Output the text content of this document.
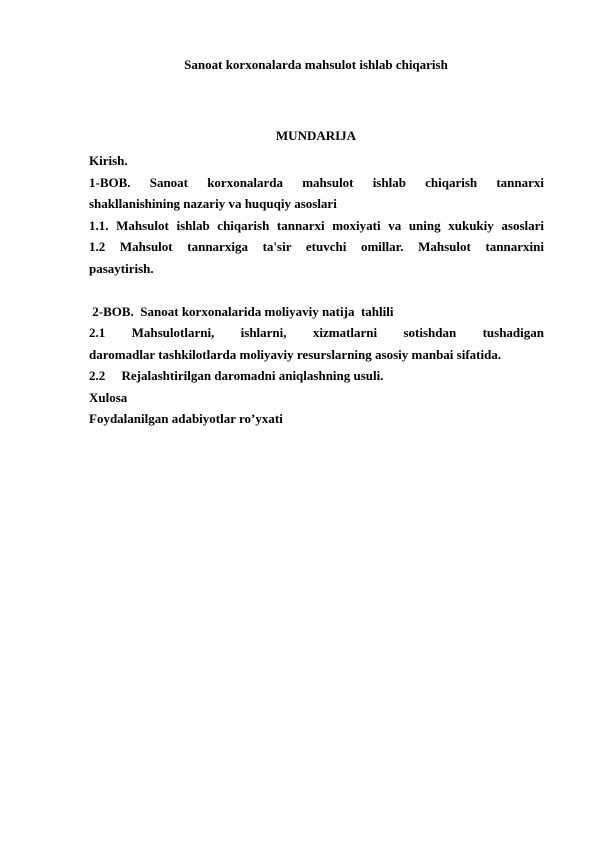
Sanoat korxonalarda mahsulot ishlab chiqarish
MUNDARIJA
Kirish.
1-BOB. Sanoat korxonalarda mahsulot ishlab chiqarish tannarxi
shakllanishining nazariy va huquqiy asoslari
1.1. Mahsulot ishlab chiqarish tannarxi moxiyati va uning xukukiy asoslari
1.2 Mahsulot tannarxiga ta'sir etuvchi omillar. Mahsulot tannarxini
pasaytirish.
2-BOB.  Sanoat korxonalarida moliyaviy natija  tahlili
2.1 Mahsulotlarni, ishlarni, xizmatlarni sotishdan tushadigan
daromadlar tashkilotlarda moliyaviy resurslarning asosiy manbai sifatida.
2.2     Rejalashtirilgan daromadni aniqlashning usuli.
Xulosa
Foydalanilgan adabiyotlar ro’yxati
